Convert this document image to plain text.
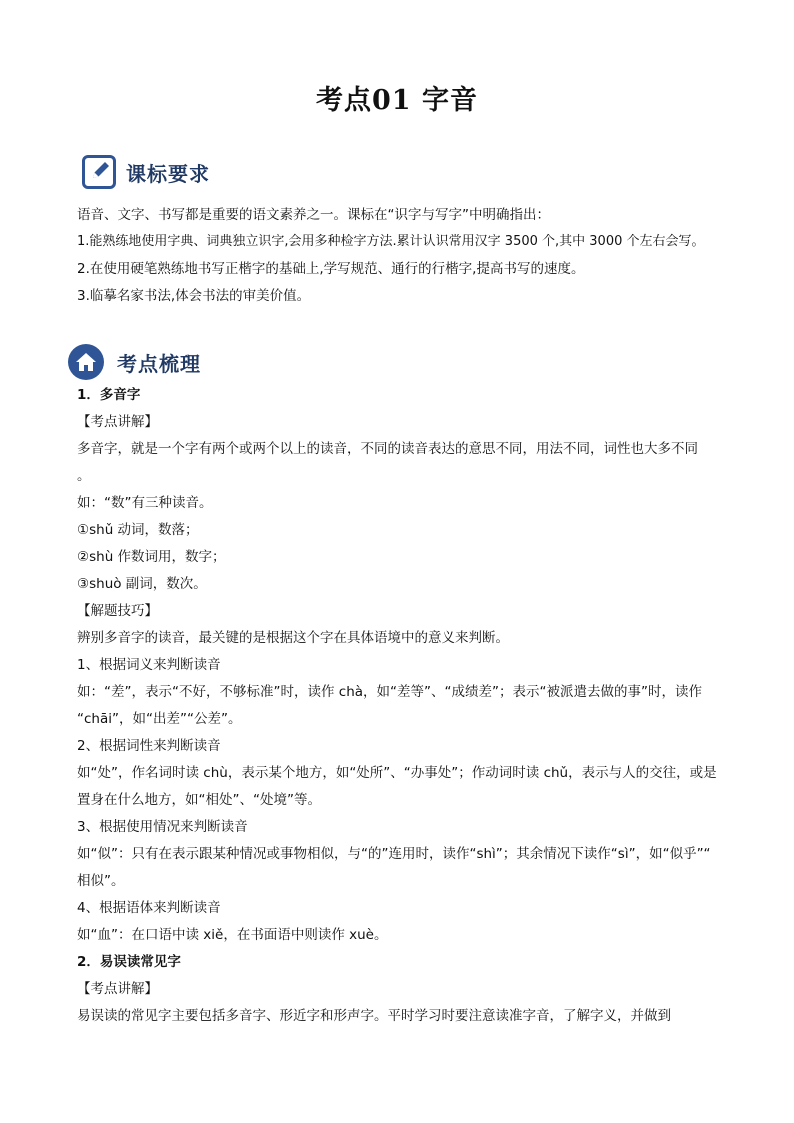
考点01 字音
课标要求
语音、文字、书写都是重要的语文素养之一。课标在“识字与写字”中明确指出：
1.能熟练地使用字典、词典独立识字,会用多种检字方法.累计认识常用汉字 3500 个,其中 3000 个左右会写。
2.在使用硬笔熟练地书写正楷字的基础上,学写规范、通行的行楷字,提高书写的速度。
3.临摹名家书法,体会书法的审美价值。
考点梳理
1．多音字
【考点讲解】
多音字，就是一个字有两个或两个以上的读音，不同的读音表达的意思不同，用法不同，词性也大多不同
。
如：“数”有三种读音。
①shǔ 动词，数落；
②shù 作数词用，数字；
③shuò 副词，数次。
【解题技巧】
辨别多音字的读音，最关键的是根据这个字在具体语境中的意义来判断。
1、根据词义来判断读音
如：“差”，表示“不好，不够标准”时，读作 chà，如“差等”、“成绩差”；表示“被派遣去做的事”时，读作
“chāi”，如“出差”“公差”。
2、根据词性来判断读音
如“处”，作名词时读 chù，表示某个地方，如“处所”、“办事处”；作动词时读 chǔ，表示与人的交往，或是
置身在什么地方，如“相处”、“处境”等。
3、根据使用情况来判断读音
如“似”：只有在表示跟某种情况或事物相似，与“的”连用时，读作“shì”；其余情况下读作“sì”，如“似乎”“
相似”。
4、根据语体来判断读音
如“血”：在口语中读 xiě，在书面语中则读作 xuè。
2．易误读常见字
【考点讲解】
易误读的常见字主要包括多音字、形近字和形声字。平时学习时要注意读准字音，了解字义，并做到
